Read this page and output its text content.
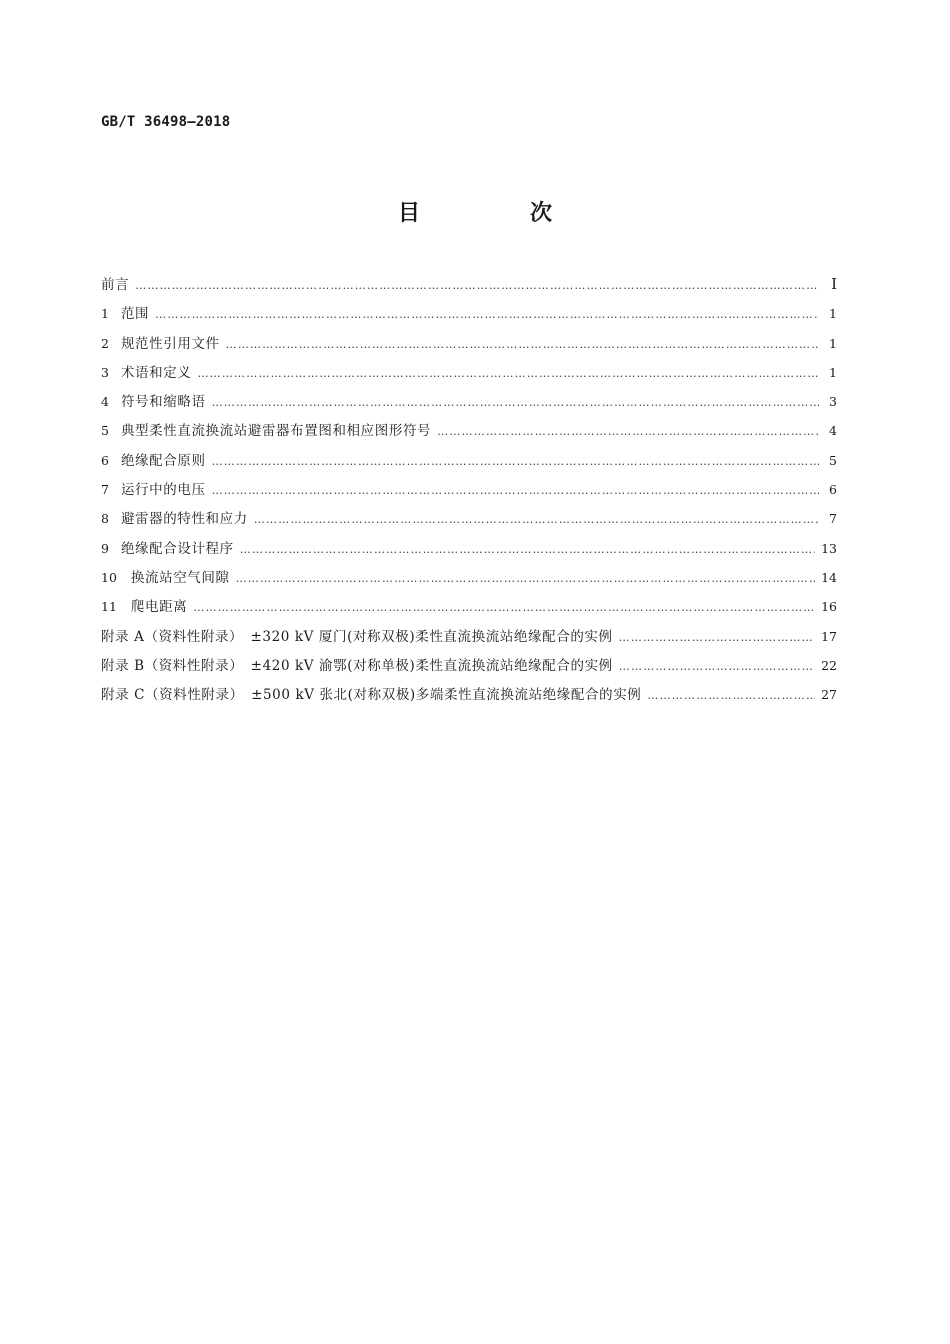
GB/T 36498—2018
目　次
前言 ……………………………………………………………………………………………………………………………………………………………………………………………………………………………	Ⅰ
1 范围 ……………………………………………………………………………………………………………………………………………………………………………………………………………………………	1
2 规范性引用文件 ……………………………………………………………………………………………………………………………………………………………………………………………………………………………	1
3 术语和定义 ……………………………………………………………………………………………………………………………………………………………………………………………………………………………	1
4 符号和缩略语 ……………………………………………………………………………………………………………………………………………………………………………………………………………………………	3
5 典型柔性直流换流站避雷器布置图和相应图形符号 ……………………………………………………………………………………………………………………………………………………………………………………………………………………………	4
6 绝缘配合原则 ……………………………………………………………………………………………………………………………………………………………………………………………………………………………	5
7 运行中的电压 ……………………………………………………………………………………………………………………………………………………………………………………………………………………………	6
8 避雷器的特性和应力 ……………………………………………………………………………………………………………………………………………………………………………………………………………………………	7
9 绝缘配合设计程序 ……………………………………………………………………………………………………………………………………………………………………………………………………………………………	13
10 换流站空气间隙 ……………………………………………………………………………………………………………………………………………………………………………………………………………………………	14
11 爬电距离 ……………………………………………………………………………………………………………………………………………………………………………………………………………………………	16
附录 A（资料性附录）　±320 kV 厦门(对称双极)柔性直流换流站绝缘配合的实例 ……………………………………………………………………………………………………………………………………………………………………………………………………………………………	17
附录 B（资料性附录）　±420 kV 渝鄂(对称单极)柔性直流换流站绝缘配合的实例 ……………………………………………………………………………………………………………………………………………………………………………………………………………………………	22
附录 C（资料性附录）　±500 kV 张北(对称双极)多端柔性直流换流站绝缘配合的实例 ……………………………………………………………………………………………………………………………………………………………………………………………………………………………	27
